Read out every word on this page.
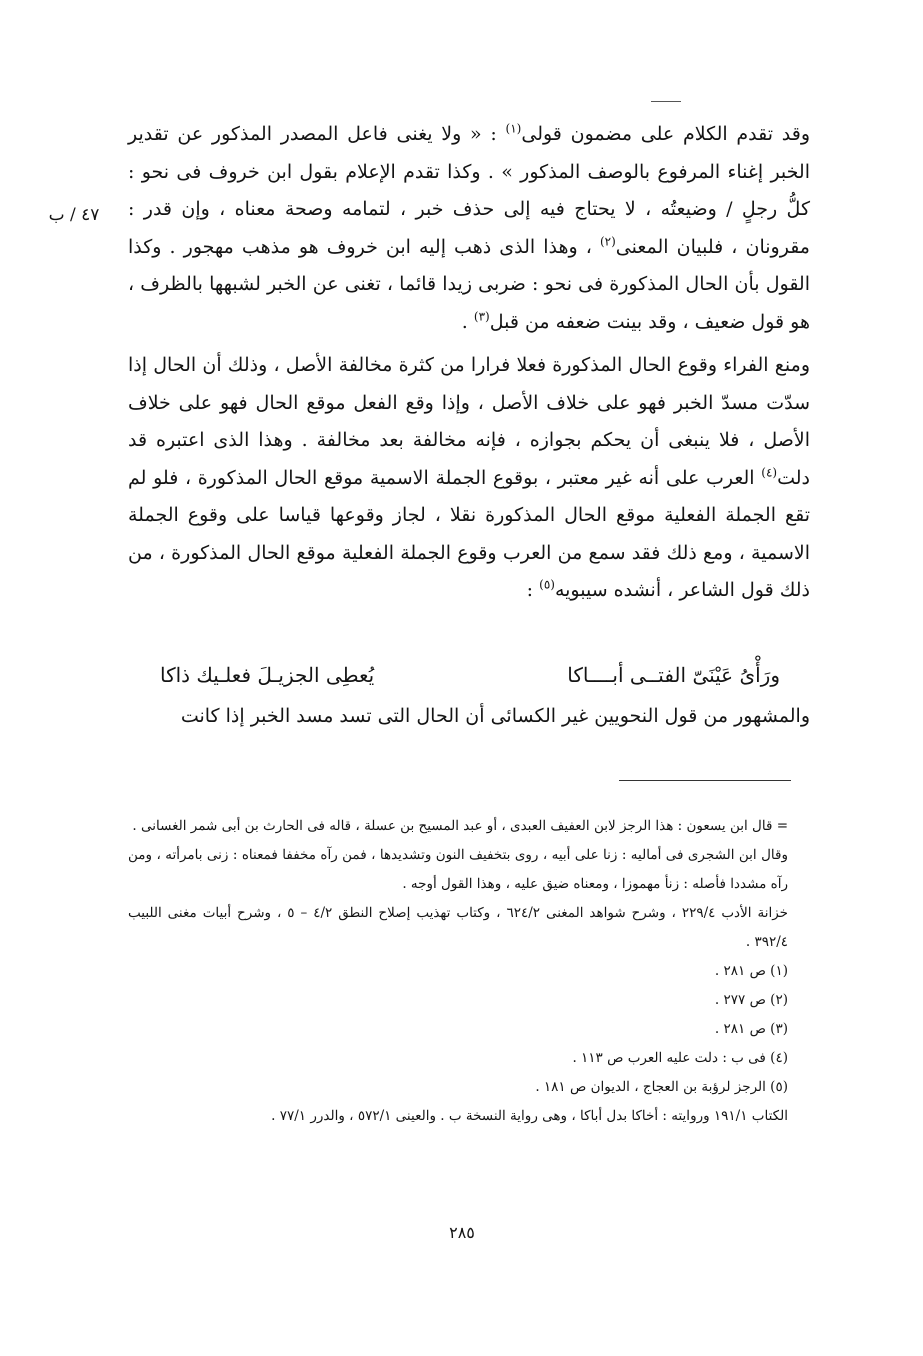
٤٧ / ب

وقد تقدم الكلام على مضمون قولى$^{(١)}$ : « ولا يغنى فاعل المصدر المذكور عن تقدير الخبر إغناء المرفوع بالوصف المذكور » . وكذا تقدم الإعلام بقول ابن خروف فى نحو : كلُّ رجلٍ / وضيعتُه ، لا يحتاج فيه إلى حذف خبر ، لتمامه وصحة معناه ، وإن قدر : مقرونان ، فلبيان المعنى$^{(٢)}$ ، وهذا الذى ذهب إليه ابن خروف هو مذهب مهجور . وكذا القول بأن الحال المذكورة فى نحو : ضربى زيدا قائما ، تغنى عن الخبر لشبهها بالظرف ، هو قول ضعيف ، وقد بينت ضعفه من قبل$^{(٣)}$ .

ومنع الفراء وقوع الحال المذكورة فعلا فرارا من كثرة مخالفة الأصل ، وذلك أن الحال إذا سدّت مسدّ الخبر فهو على خلاف الأصل ، وإذا وقع الفعل موقع الحال فهو على خلاف الأصل ، فلا ينبغى أن يحكم بجوازه ، فإنه مخالفة بعد مخالفة . وهذا الذى اعتبره قد دلت$^{(٤)}$ العرب على أنه غير معتبر ، بوقوع الجملة الاسمية موقع الحال المذكورة ، فلو لم تقع الجملة الفعلية موقع الحال المذكورة نقلا ، لجاز وقوعها قياسا على وقوع الجملة الاسمية ، ومع ذلك فقد سمع من العرب وقوع الجملة الفعلية موقع الحال المذكورة ، من ذلك قول الشاعر ، أنشده سيبويه$^{(٥)}$ :

ورَأْىُ عَيْنَىّ الفتــى أبــــاكا
يُعطِى الجزيـلَ فعلـيك ذاكا
والمشهور من قول النحويين غير الكسائى أن الحال التى تسد مسد الخبر إذا كانت

= قال ابن يسعون : هذا الرجز لابن العفيف العبدى ، أو عبد المسيح بن عسلة ، قاله فى الحارث بن أبى شمر الغسانى .

وقال ابن الشجرى فى أماليه : زنا على أبيه ، روى بتخفيف النون وتشديدها ، فمن رآه مخففا فمعناه : زنى بامرأته ، ومن رآه مشددا فأصله : زنأ مهموزا ، ومعناه ضيق عليه ، وهذا القول أوجه .

خزانة الأدب ٢٢٩/٤ ، وشرح شواهد المغنى ٦٢٤/٢ ، وكتاب تهذيب إصلاح النطق ٤/٢ – ٥ ، وشرح أبيات مغنى اللبيب ٣٩٢/٤ .

(١) ص ٢٨١ .

(٢) ص ٢٧٧ .

(٣) ص ٢٨١ .

(٤) فى ب : دلت عليه العرب ص ١١٣ .

(٥) الرجز لرؤبة بن العجاج ، الديوان ص ١٨١ .

الكتاب ١٩١/١ وروايته : أخاكا بدل أباكا ، وهى رواية النسخة ب . والعينى ٥٧٢/١ ، والدرر ٧٧/١ .

٢٨٥
